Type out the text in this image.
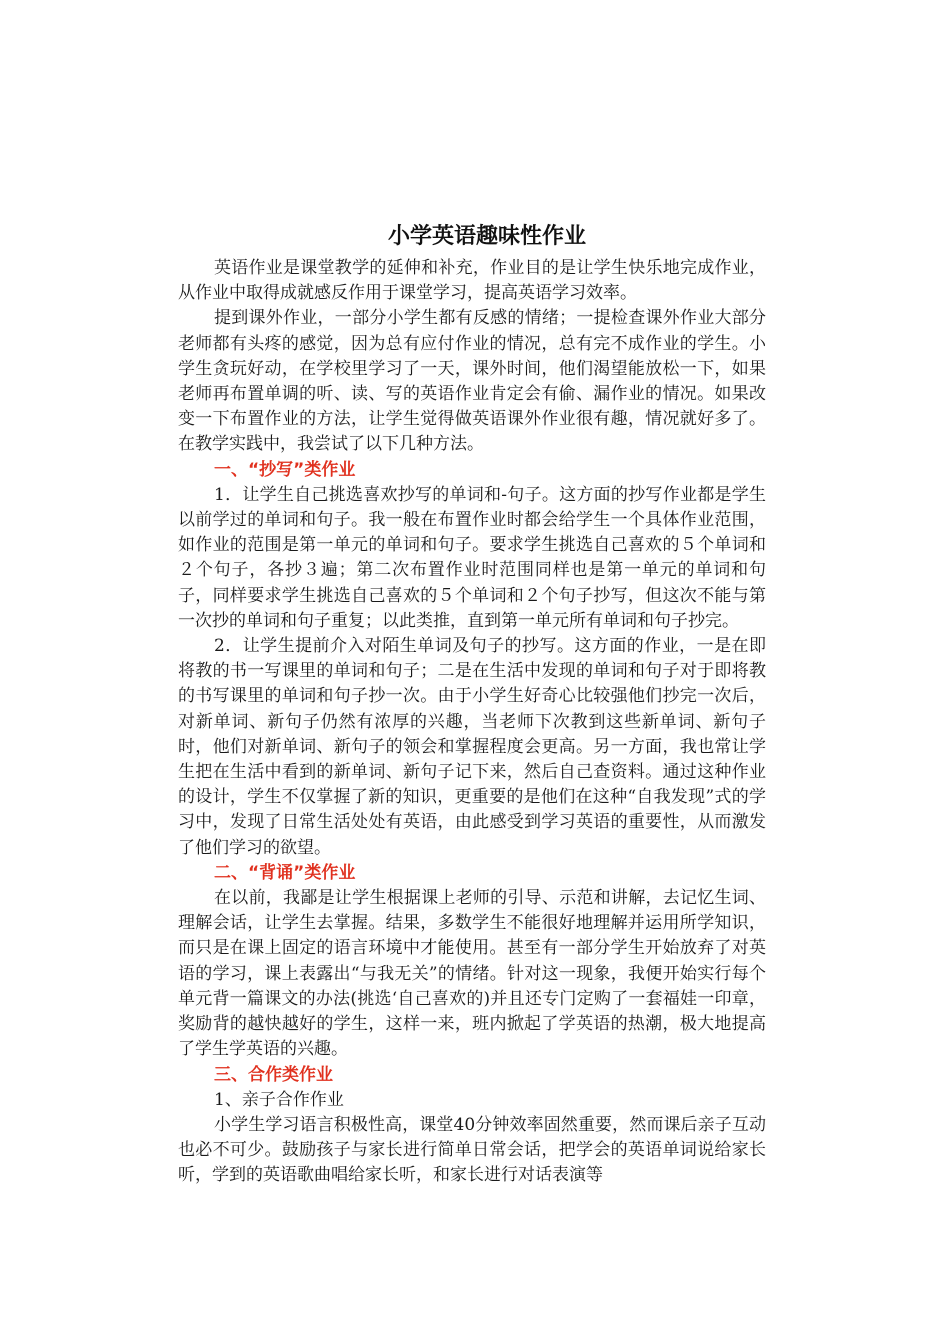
小学英语趣味性作业

英语作业是课堂教学的延伸和补充，作业目的是让学生快乐地完成作业，从作业中取得成就感反作用于课堂学习，提高英语学习效率。

提到课外作业，一部分小学生都有反感的情绪；一提检查课外作业大部分老师都有头疼的感觉，因为总有应付作业的情况，总有完不成作业的学生。小学生贪玩好动，在学校里学习了一天，课外时间，他们渴望能放松一下，如果老师再布置单调的听、读、写的英语作业肯定会有偷、漏作业的情况。如果改变一下布置作业的方法，让学生觉得做英语课外作业很有趣，情况就好多了。在教学实践中，我尝试了以下几种方法。

一、“抄写”类作业

1．让学生自己挑选喜欢抄写的单词和-句子。这方面的抄写作业都是学生以前学过的单词和句子。我一般在布置作业时都会给学生一个具体作业范围，如作业的范围是第一单元的单词和句子。要求学生挑选自己喜欢的５个单词和２个句子，各抄３遍；第二次布置作业时范围同样也是第一单元的单词和句子，同样要求学生挑选自己喜欢的５个单词和２个句子抄写，但这次不能与第一次抄的单词和句子重复；以此类推，直到第一单元所有单词和句子抄完。

2．让学生提前介入对陌生单词及句子的抄写。这方面的作业，一是在即将教的书一写课里的单词和句子；二是在生活中发现的单词和句子对于即将教的书写课里的单词和句子抄一次。由于小学生好奇心比较强他们抄完一次后，对新单词、新句子仍然有浓厚的兴趣，当老师下次教到这些新单词、新句子时，他们对新单词、新句子的领会和掌握程度会更高。另一方面，我也常让学生把在生活中看到的新单词、新句子记下来，然后自己查资料。通过这种作业的设计，学生不仅掌握了新的知识，更重要的是他们在这种“自我发现”式的学习中，发现了日常生活处处有英语，由此感受到学习英语的重要性，从而激发了他们学习的欲望。

二、“背诵”类作业

在以前，我鄙是让学生根据课上老师的引导、示范和讲解，去记忆生词、理解会话，让学生去掌握。结果，多数学生不能很好地理解并运用所学知识，而只是在课上固定的语言环境中才能使用。甚至有一部分学生开始放弃了对英语的学习，课上表露出“与我无关”的情绪。针对这一现象，我便开始实行每个单元背一篇课文的办法(挑选‘自己喜欢的)并且还专门定购了一套福娃一印章，奖励背的越快越好的学生，这样一来，班内掀起了学英语的热潮，极大地提高了学生学英语的兴趣。

三、合作类作业

1、亲子合作作业

小学生学习语言积极性高，课堂40分钟效率固然重要，然而课后亲子互动也必不可少。鼓励孩子与家长进行简单日常会话，把学会的英语单词说给家长听，学到的英语歌曲唱给家长听，和家长进行对话表演等
